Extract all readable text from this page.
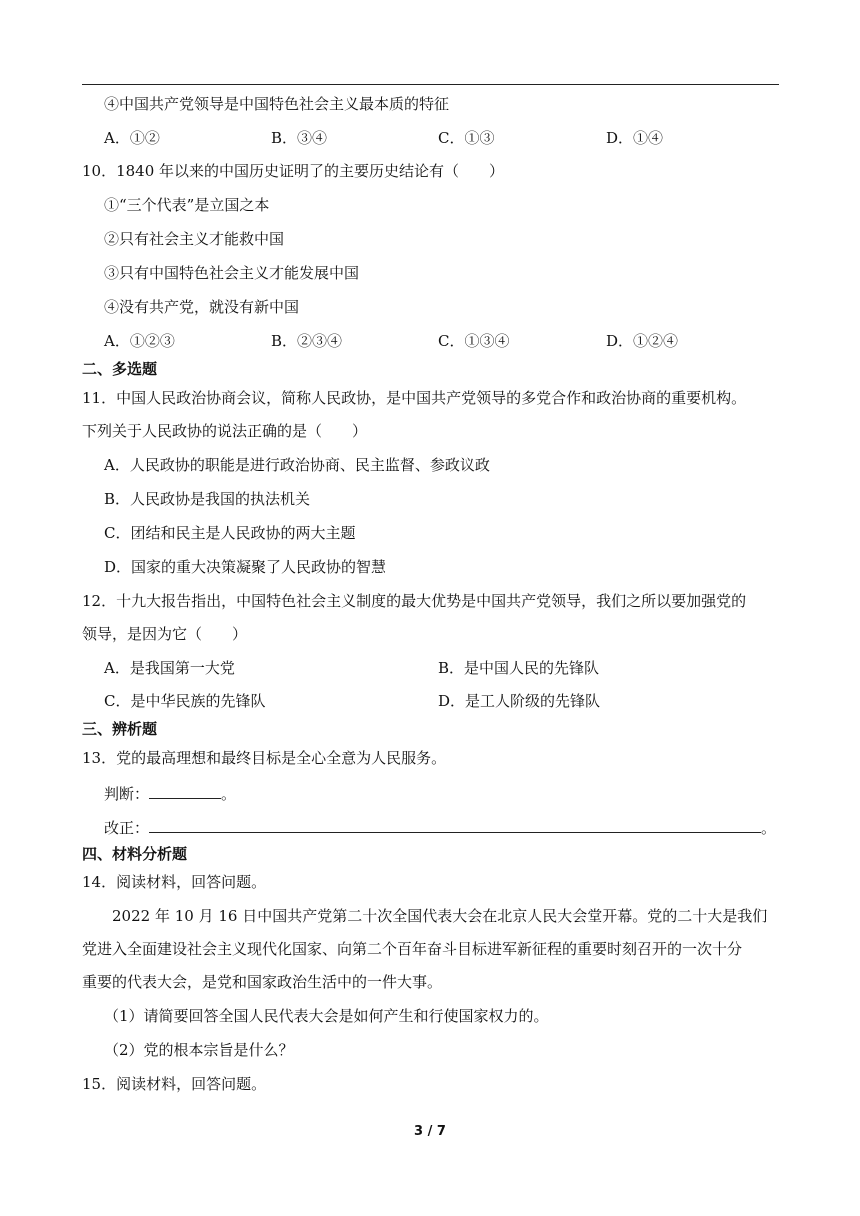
④中国共产党领导是中国特色社会主义最本质的特征
A．①②	B．③④	C．①③	D．①④
10．1840 年以来的中国历史证明了的主要历史结论有（　　）
①“三个代表”是立国之本
②只有社会主义才能救中国
③只有中国特色社会主义才能发展中国
④没有共产党，就没有新中国
A．①②③	B．②③④	C．①③④	D．①②④
二、多选题
11．中国人民政治协商会议，简称人民政协，是中国共产党领导的多党合作和政治协商的重要机构。
下列关于人民政协的说法正确的是（　　）
A．人民政协的职能是进行政治协商、民主监督、参政议政
B．人民政协是我国的执法机关
C．团结和民主是人民政协的两大主题
D．国家的重大决策凝聚了人民政协的智慧
12．十九大报告指出，中国特色社会主义制度的最大优势是中国共产党领导，我们之所以要加强党的
领导，是因为它（　　）
A．是我国第一大党	B．是中国人民的先锋队
C．是中华民族的先锋队	D．是工人阶级的先锋队
三、辨析题
13．党的最高理想和最终目标是全心全意为人民服务。
判断：	。
改正：	。
四、材料分析题
14．阅读材料，回答问题。
2022 年 10 月 16 日中国共产党第二十次全国代表大会在北京人民大会堂开幕。党的二十大是我们
党进入全面建设社会主义现代化国家、向第二个百年奋斗目标进军新征程的重要时刻召开的一次十分
重要的代表大会，是党和国家政治生活中的一件大事。
（1）请简要回答全国人民代表大会是如何产生和行使国家权力的。
（2）党的根本宗旨是什么？
15．阅读材料，回答问题。
3 / 7
